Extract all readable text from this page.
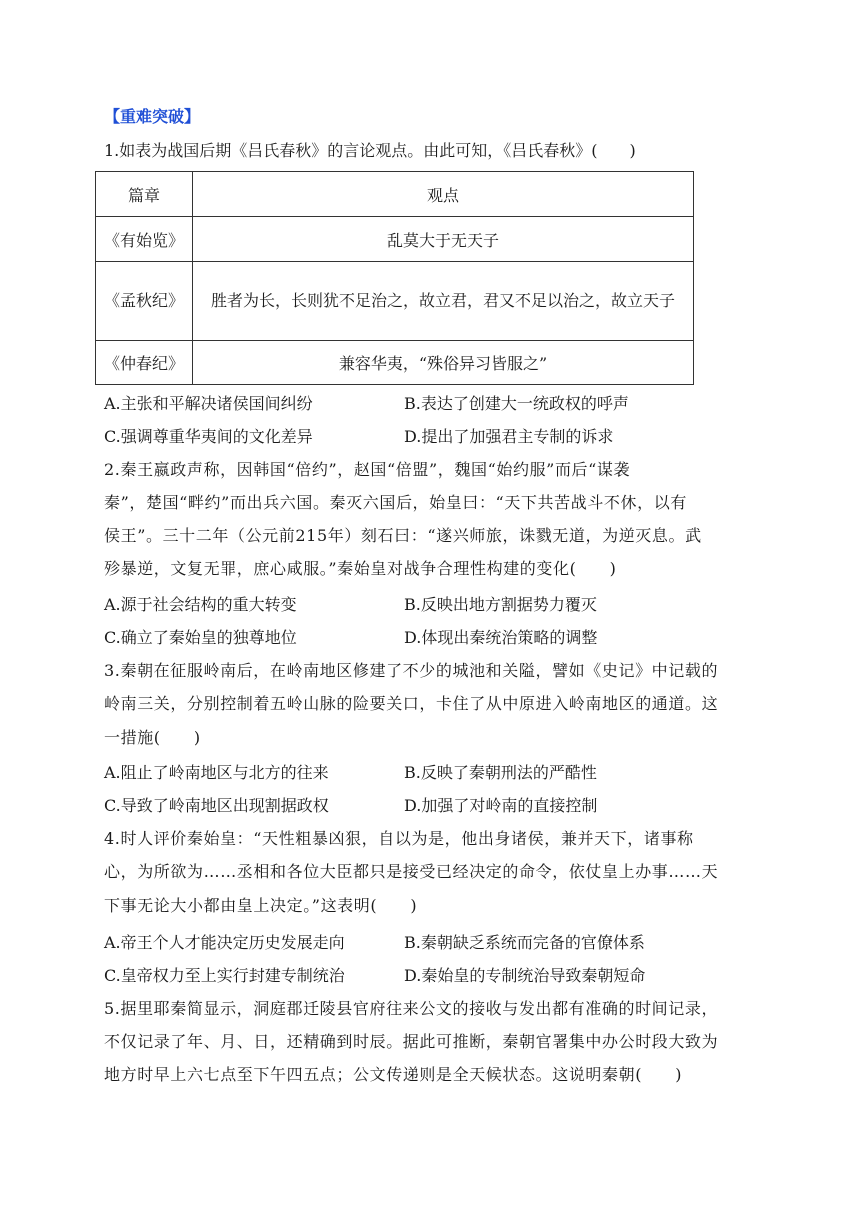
【重难突破】
1.如表为战国后期《吕氏春秋》的言论观点。由此可知，《吕氏春秋》(　　)
篇章	观点
《有始览》	乱莫大于无天子
《孟秋纪》	胜者为长，长则犹不足治之，故立君，君又不足以治之，故立天子
《仲春纪》	兼容华夷，“殊俗异习皆服之”
A.主张和平解决诸侯国间纠纷	B.表达了创建大一统政权的呼声
C.强调尊重华夷间的文化差异	D.提出了加强君主专制的诉求
2.秦王嬴政声称，因韩国“倍约”，赵国“倍盟”，魏国“始约服”而后“谋袭
秦”，楚国“畔约”而出兵六国。秦灭六国后，始皇曰：“天下共苦战斗不休，以有
侯王”。三十二年（公元前215年）刻石曰：“遂兴师旅，诛戮无道，为逆灭息。武
殄暴逆，文复无罪，庶心咸服。”秦始皇对战争合理性构建的变化(　　)
A.源于社会结构的重大转变	B.反映出地方割据势力覆灭
C.确立了秦始皇的独尊地位	D.体现出秦统治策略的调整
3.秦朝在征服岭南后，在岭南地区修建了不少的城池和关隘，譬如《史记》中记载的
岭南三关，分别控制着五岭山脉的险要关口，卡住了从中原进入岭南地区的通道。这
一措施(　　)
A.阻止了岭南地区与北方的往来	B.反映了秦朝刑法的严酷性
C.导致了岭南地区出现割据政权	D.加强了对岭南的直接控制
4.时人评价秦始皇：“天性粗暴凶狠，自以为是，他出身诸侯，兼并天下，诸事称
心，为所欲为……丞相和各位大臣都只是接受已经决定的命令，依仗皇上办事……天
下事无论大小都由皇上决定。”这表明(　　)
A.帝王个人才能决定历史发展走向	B.秦朝缺乏系统而完备的官僚体系
C.皇帝权力至上实行封建专制统治	D.秦始皇的专制统治导致秦朝短命
5.据里耶秦简显示，洞庭郡迁陵县官府往来公文的接收与发出都有准确的时间记录，
不仅记录了年、月、日，还精确到时辰。据此可推断，秦朝官署集中办公时段大致为
地方时早上六七点至下午四五点；公文传递则是全天候状态。这说明秦朝(　　)
